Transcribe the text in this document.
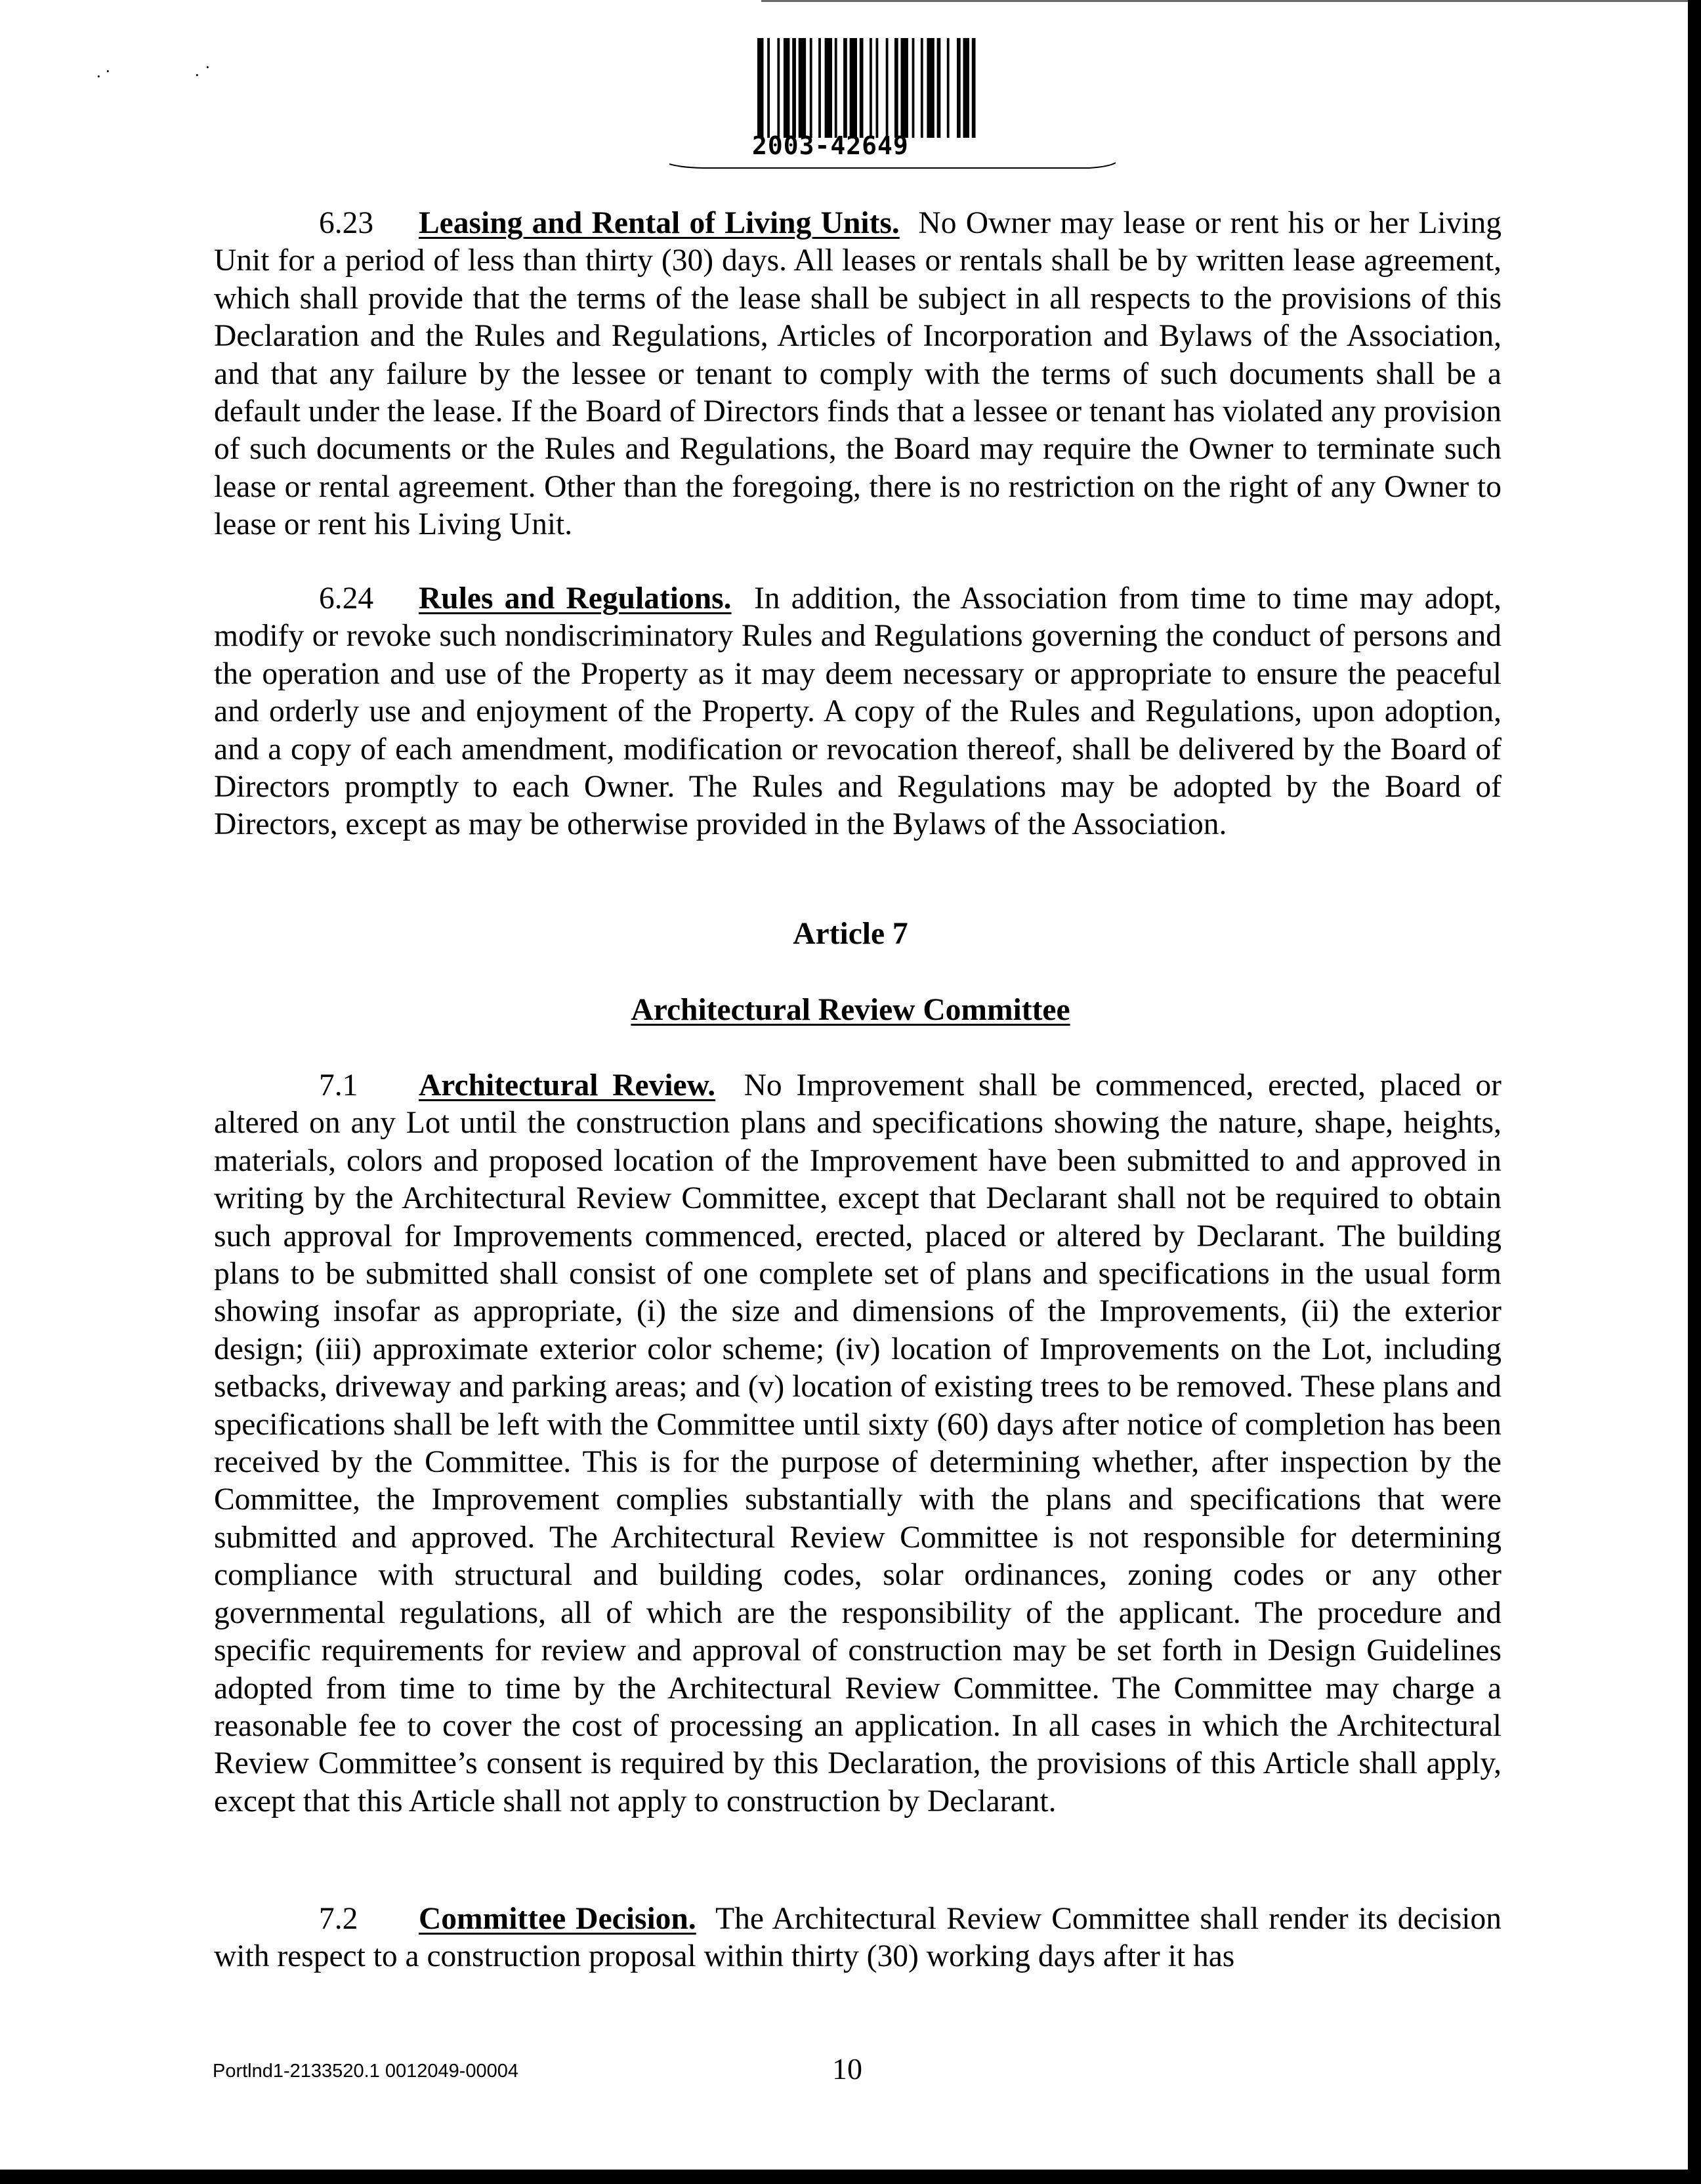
· ·	· ·
2003-42649

6.23 Leasing and Rental of Living Units. No Owner may lease or rent his or her Living Unit for a period of less than thirty (30) days. All leases or rentals shall be by written lease agreement, which shall provide that the terms of the lease shall be subject in all respects to the provisions of this Declaration and the Rules and Regulations, Articles of Incorporation and Bylaws of the Association, and that any failure by the lessee or tenant to comply with the terms of such documents shall be a default under the lease. If the Board of Directors finds that a lessee or tenant has violated any provision of such documents or the Rules and Regulations, the Board may require the Owner to terminate such lease or rental agreement. Other than the foregoing, there is no restriction on the right of any Owner to lease or rent his Living Unit.

6.24 Rules and Regulations. In addition, the Association from time to time may adopt, modify or revoke such nondiscriminatory Rules and Regulations governing the conduct of persons and the operation and use of the Property as it may deem necessary or appropriate to ensure the peaceful and orderly use and enjoyment of the Property. A copy of the Rules and Regulations, upon adoption, and a copy of each amendment, modification or revocation thereof, shall be delivered by the Board of Directors promptly to each Owner. The Rules and Regulations may be adopted by the Board of Directors, except as may be otherwise provided in the Bylaws of the Association.

Article 7
Architectural Review Committee

7.1 Architectural Review. No Improvement shall be commenced, erected, placed or altered on any Lot until the construction plans and specifications showing the nature, shape, heights, materials, colors and proposed location of the Improvement have been submitted to and approved in writing by the Architectural Review Committee, except that Declarant shall not be required to obtain such approval for Improvements commenced, erected, placed or altered by Declarant. The building plans to be submitted shall consist of one complete set of plans and specifications in the usual form showing insofar as appropriate, (i) the size and dimensions of the Improvements, (ii) the exterior design; (iii) approximate exterior color scheme; (iv) location of Improvements on the Lot, including setbacks, driveway and parking areas; and (v) location of existing trees to be removed. These plans and specifications shall be left with the Committee until sixty (60) days after notice of completion has been received by the Committee. This is for the purpose of determining whether, after inspection by the Committee, the Improvement complies substantially with the plans and specifications that were submitted and approved. The Architectural Review Committee is not responsible for determining compliance with structural and building codes, solar ordinances, zoning codes or any other governmental regulations, all of which are the responsibility of the applicant. The procedure and specific requirements for review and approval of construction may be set forth in Design Guidelines adopted from time to time by the Architectural Review Committee. The Committee may charge a reasonable fee to cover the cost of processing an application. In all cases in which the Architectural Review Committee’s consent is required by this Declaration, the provisions of this Article shall apply, except that this Article shall not apply to construction by Declarant.

7.2 Committee Decision. The Architectural Review Committee shall render its decision with respect to a construction proposal within thirty (30) working days after it has

Portlnd1-2133520.1 0012049-00004	10
